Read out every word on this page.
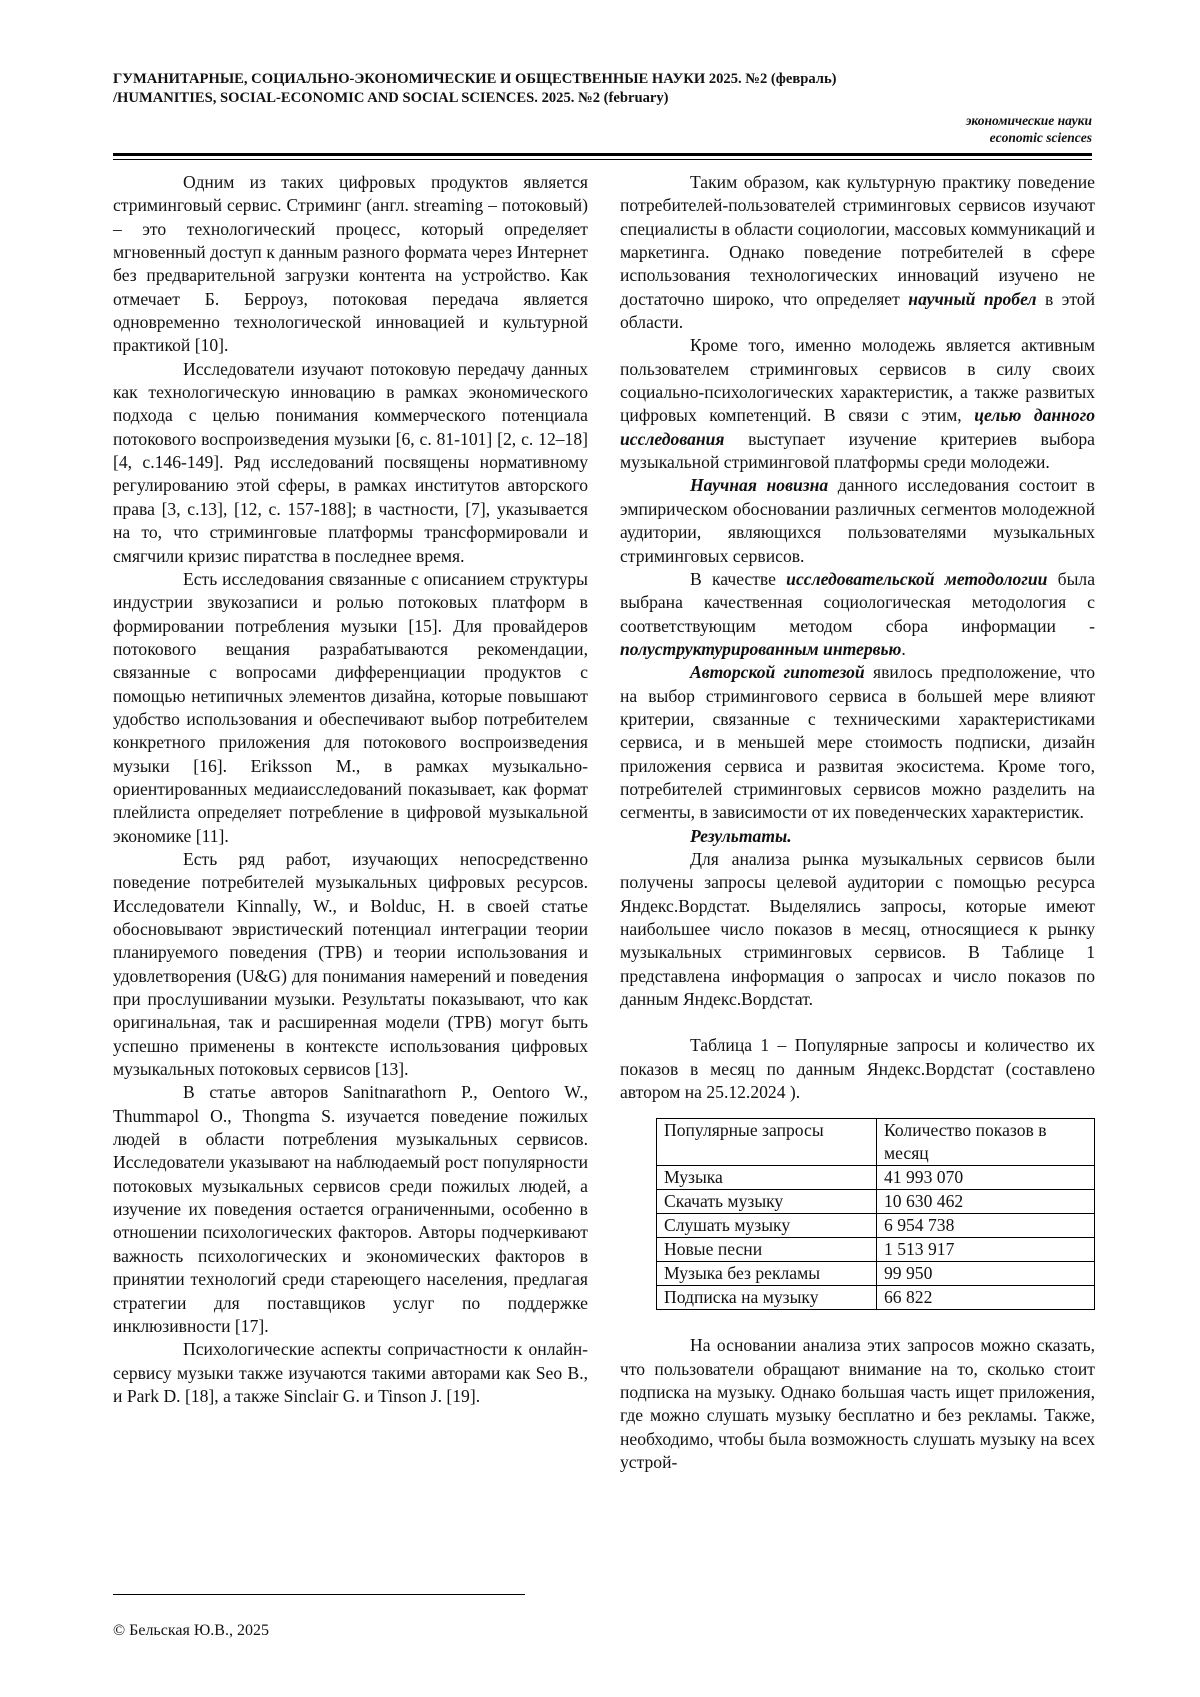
ГУМАНИТАРНЫЕ, СОЦИАЛЬНО-ЭКОНОМИЧЕСКИЕ И ОБЩЕСТВЕННЫЕ НАУКИ 2025. №2 (февраль)
/HUMANITIES, SOCIAL-ECONOMIC AND SOCIAL SCIENCES. 2025. №2 (february)
экономические науки
economic sciences

Одним из таких цифровых продуктов является стриминговый сервис. Стриминг (англ. streaming – потоковый) – это технологический процесс, который определяет мгновенный доступ к данным разного формата через Интернет без предварительной загрузки контента на устройство. Как отмечает Б. Берроуз, потоковая передача является одновременно технологической инновацией и культурной практикой [10].

Исследователи изучают потоковую передачу данных как технологическую инновацию в рамках экономического подхода с целью понимания коммерческого потенциала потокового воспроизведения музыки [6, с. 81-101] [2, с. 12–18] [4, с.146-149]. Ряд исследований посвящены нормативному регулированию этой сферы, в рамках институтов авторского права [3, с.13], [12, с. 157-188]; в частности, [7], указывается на то, что стриминговые платформы трансформировали и смягчили кризис пиратства в последнее время.

Есть исследования связанные с описанием структуры индустрии звукозаписи и ролью потоковых платформ в формировании потребления музыки [15]. Для провайдеров потокового вещания разрабатываются рекомендации, связанные с вопросами дифференциации продуктов с помощью нетипичных элементов дизайна, которые повышают удобство использования и обеспечивают выбор потребителем конкретного приложения для потокового воспроизведения музыки [16]. Eriksson M., в рамках музыкально-ориентированных медиаисследований показывает, как формат плейлиста определяет потребление в цифровой музыкальной экономике [11].

Есть ряд работ, изучающих непосредственно поведение потребителей музыкальных цифровых ресурсов. Исследователи Kinnally, W., и Bolduc, H. в своей статье обосновывают эвристический потенциал интеграции теории планируемого поведения (TPB) и теории использования и удовлетворения (U&G) для понимания намерений и поведения при прослушивании музыки. Результаты показывают, что как оригинальная, так и расширенная модели (TPB) могут быть успешно применены в контексте использования цифровых музыкальных потоковых сервисов [13].

В статье авторов Sanitnarathorn P., Oentoro W., Thummapol O., Thongma S. изучается поведение пожилых людей в области потребления музыкальных сервисов. Исследователи указывают на наблюдаемый рост популярности потоковых музыкальных сервисов среди пожилых людей, а изучение их поведения остается ограниченными, особенно в отношении психологических факторов. Авторы подчеркивают важность психологических и экономических факторов в принятии технологий среди стареющего населения, предлагая стратегии для поставщиков услуг по поддержке инклюзивности [17].

Психологические аспекты сопричастности к онлайн-сервису музыки также изучаются такими авторами как Seo B., и Park D. [18], а также Sinclair G. и Tinson J. [19].

Таким образом, как культурную практику поведение потребителей-пользователей стриминговых сервисов изучают специалисты в области социологии, массовых коммуникаций и маркетинга. Однако поведение потребителей в сфере использования технологических инноваций изучено не достаточно широко, что определяет научный пробел в этой области.

Кроме того, именно молодежь является активным пользователем стриминговых сервисов в силу своих социально-психологических характеристик, а также развитых цифровых компетенций. В связи с этим, целью данного исследования выступает изучение критериев выбора музыкальной стриминговой платформы среди молодежи.

Научная новизна данного исследования состоит в эмпирическом обосновании различных сегментов молодежной аудитории, являющихся пользователями музыкальных стриминговых сервисов.

В качестве исследовательской методологии была выбрана качественная социологическая методология с соответствующим методом сбора информации - полуструктурированным интервью.

Авторской гипотезой явилось предположение, что на выбор стримингового сервиса в большей мере влияют критерии, связанные с техническими характеристиками сервиса, и в меньшей мере стоимость подписки, дизайн приложения сервиса и развитая экосистема. Кроме того, потребителей стриминговых сервисов можно разделить на сегменты, в зависимости от их поведенческих характеристик.

Результаты.

Для анализа рынка музыкальных сервисов были получены запросы целевой аудитории с помощью ресурса Яндекс.Вордстат. Выделялись запросы, которые имеют наибольшее число показов в месяц, относящиеся к рынку музыкальных стриминговых сервисов. В Таблице 1 представлена информация о запросах и число показов по данным Яндекс.Вордстат.

Таблица 1 – Популярные запросы и количество их показов в месяц по данным Яндекс.Вордстат (составлено автором на 25.12.2024 ).

Популярные запросы	Количество показов в месяц
Музыка	41 993 070
Скачать музыку	10 630 462
Слушать музыку	6 954 738
Новые песни	1 513 917
Музыка без рекламы	99 950
Подписка на музыку	66 822

На основании анализа этих запросов можно сказать, что пользователи обращают внимание на то, сколько стоит подписка на музыку. Однако большая часть ищет приложения, где можно слушать музыку бесплатно и без рекламы. Также, необходимо, чтобы была возможность слушать музыку на всех устрой-

© Бельская Ю.В., 2025
